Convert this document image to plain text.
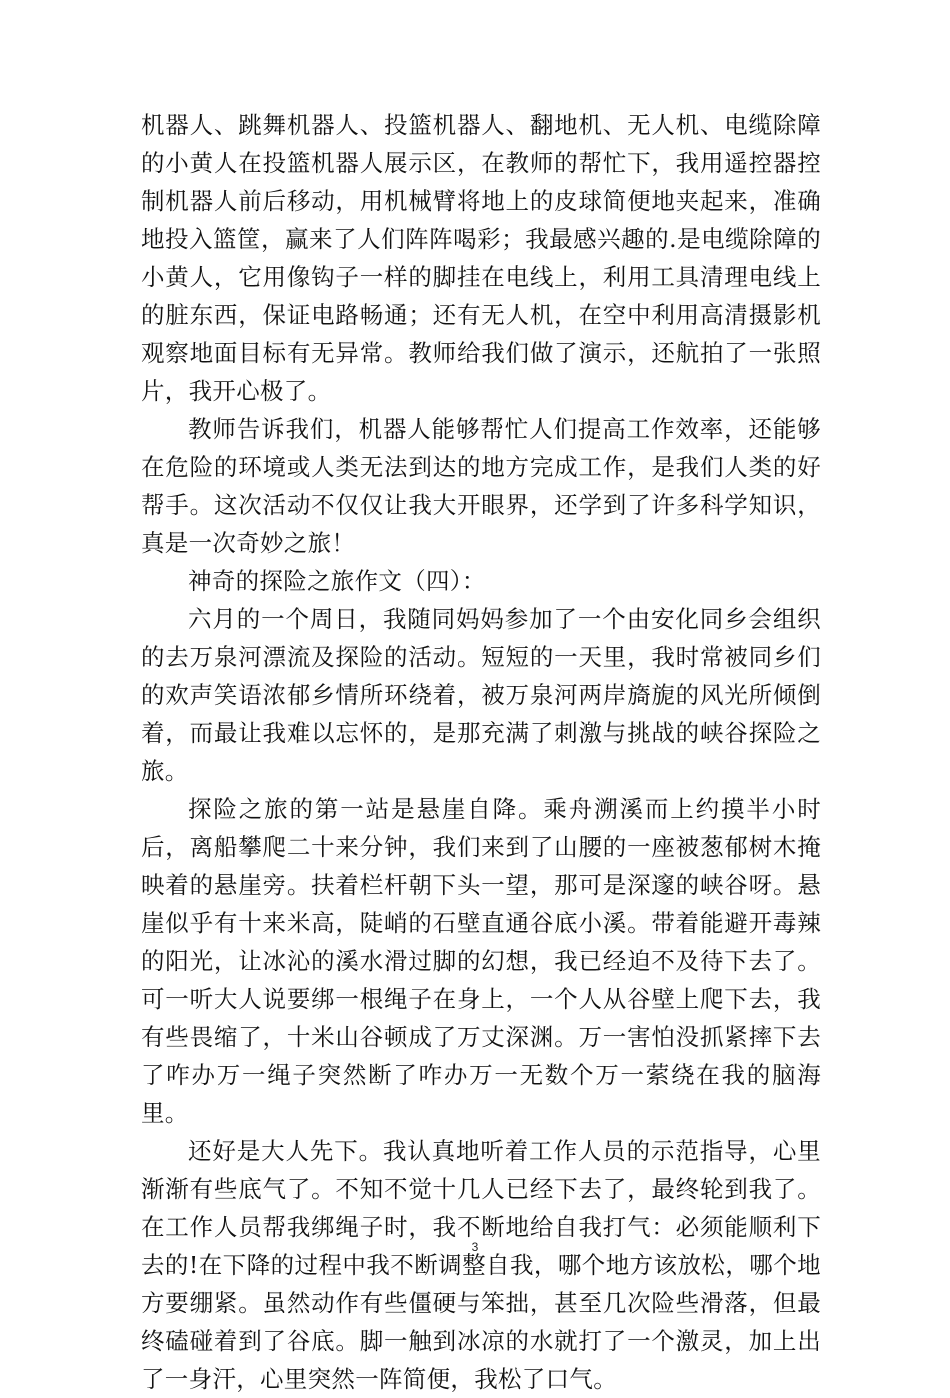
机器人、跳舞机器人、投篮机器人、翻地机、无人机、电缆除障的小黄人在投篮机器人展示区，在教师的帮忙下，我用遥控器控制机器人前后移动，用机械臂将地上的皮球简便地夹起来，准确地投入篮筐，赢来了人们阵阵喝彩；我最感兴趣的.是电缆除障的小黄人，它用像钩子一样的脚挂在电线上，利用工具清理电线上的脏东西，保证电路畅通；还有无人机，在空中利用高清摄影机观察地面目标有无异常。教师给我们做了演示，还航拍了一张照片，我开心极了。

教师告诉我们，机器人能够帮忙人们提高工作效率，还能够在危险的环境或人类无法到达的地方完成工作，是我们人类的好帮手。这次活动不仅仅让我大开眼界，还学到了许多科学知识，真是一次奇妙之旅！

神奇的探险之旅作文（四）：

六月的一个周日，我随同妈妈参加了一个由安化同乡会组织的去万泉河漂流及探险的活动。短短的一天里，我时常被同乡们的欢声笑语浓郁乡情所环绕着，被万泉河两岸旖旎的风光所倾倒着，而最让我难以忘怀的，是那充满了刺激与挑战的峡谷探险之旅。

探险之旅的第一站是悬崖自降。乘舟溯溪而上约摸半小时后，离船攀爬二十来分钟，我们来到了山腰的一座被葱郁树木掩映着的悬崖旁。扶着栏杆朝下头一望，那可是深邃的峡谷呀。悬崖似乎有十来米高，陡峭的石壁直通谷底小溪。带着能避开毒辣的阳光，让冰沁的溪水滑过脚的幻想，我已经迫不及待下去了。可一听大人说要绑一根绳子在身上，一个人从谷壁上爬下去，我有些畏缩了，十米山谷顿成了万丈深渊。万一害怕没抓紧摔下去了咋办万一绳子突然断了咋办万一无数个万一萦绕在我的脑海里。

还好是大人先下。我认真地听着工作人员的示范指导，心里渐渐有些底气了。不知不觉十几人已经下去了，最终轮到我了。在工作人员帮我绑绳子时，我不断地给自我打气：必须能顺利下去的!在下降的过程中我不断调整自我，哪个地方该放松，哪个地方要绷紧。虽然动作有些僵硬与笨拙，甚至几次险些滑落，但最终磕碰着到了谷底。脚一触到冰凉的水就打了一个激灵，加上出了一身汗，心里突然一阵简便，我松了口气。

3
